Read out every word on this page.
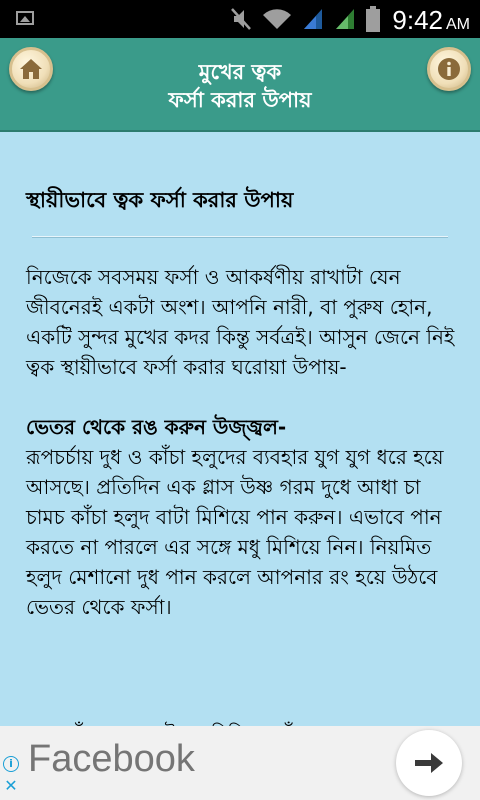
9:42 AM
মুখের ত্বক
ফর্সা করার উপায়
স্থায়ীভাবে ত্বক ফর্সা করার উপায়

নিজেকে সবসময় ফর্সা ও আকর্ষণীয় রাখাটা যেন জীবনেরই একটা অংশ। আপনি নারী, বা পুরুষ হোন, একটি সুন্দর মুখের কদর কিন্তু সর্বত্রই। আসুন জেনে নিই ত্বক স্থায়ীভাবে ফর্সা করার ঘরোয়া উপায়-

ভেতর থেকে রঙ করুন উজ্জ্বল-
রূপচর্চায় দুধ ও কাঁচা হলুদের ব্যবহার যুগ যুগ ধরে হয়ে আসছে। প্রতিদিন এক গ্লাস উষ্ণ গরম দুধে আধা চা চামচ কাঁচা হলুদ বাটা মিশিয়ে পান করুন। এভাবে পান করতে না পারলে এর সঙ্গে মধু মিশিয়ে নিন। নিয়মিত হলুদ মেশানো দুধ পান করলে আপনার রং হয়ে উঠবে ভেতর থেকে ফর্সা।
i
✕
Facebook
